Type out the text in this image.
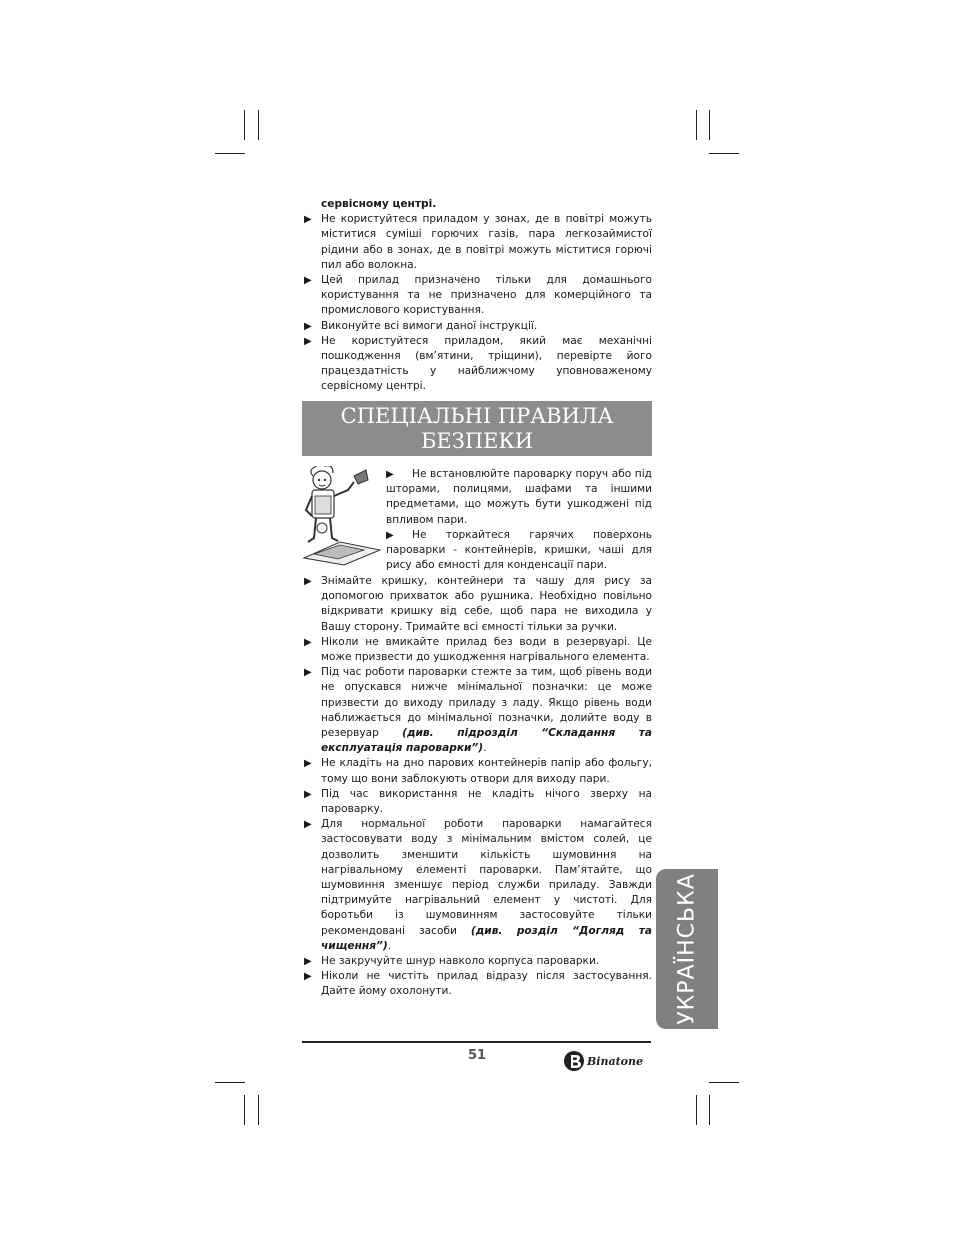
сервісному центрі.
▶ Не користуйтеся приладом у зонах, де в повітрі можуть міститися суміші горючих газів, пара легкозаймистої рідини або в зонах, де в повітрі можуть міститися горючі пил або волокна.
▶ Цей прилад призначено тільки для домашнього користування та не призначено для комерційного та промислового користування.
▶ Виконуйте всі вимоги даної інструкції.
▶ Не користуйтеся приладом, який має механічні пошкодження (вм’ятини, тріщини), перевірте його працездатність у найближчому уповноваженому сервісному центрі.
СПЕЦІАЛЬНІ ПРАВИЛА
БЕЗПЕКИ
▶ Не встановлюйте пароварку поруч або під шторами, полицями, шафами та іншими предметами, що можуть бути ушкоджені під впливом пари.
▶ Не торкайтеся гарячих поверхонь пароварки - контейнерів, кришки, чаші для рису або ємності для конденсації пари.
▶ Знімайте кришку, контейнери та чашу для рису за допомогою прихваток або рушника. Необхідно повільно відкривати кришку від себе, щоб пара не виходила у Вашу сторону. Тримайте всі ємності тільки за ручки.
▶ Ніколи не вмикайте прилад без води в резервуарі. Це може призвести до ушкодження нагрівального елемента.
▶ Під час роботи пароварки стежте за тим, щоб рівень води не опускався нижче мінімальної позначки: це може призвести до виходу приладу з ладу. Якщо рівень води наближається до мінімальної позначки, долийте воду в резервуар (див. підрозділ “Складання та експлуатація пароварки”).
▶ Не кладіть на дно парових контейнерів папір або фольгу, тому що вони заблокують отвори для виходу пари.
▶ Під час використання не кладіть нічого зверху на пароварку.
▶ Для нормальної роботи пароварки намагайтеся застосовувати воду з мінімальним вмістом солей, це дозволить зменшити кількість шумовиння на нагрівальному елементі пароварки. Пам’ятайте, що шумовиння зменшує період служби приладу. Завжди підтримуйте нагрівальний елемент у чистоті. Для боротьби із шумовинням застосовуйте тільки рекомендовані засоби (див. розділ “Догляд та чищення”).
▶ Не закручуйте шнур навколо корпуса пароварки.
▶ Ніколи не чистіть прилад відразу після застосування. Дайте йому охолонути.	УКРАЇНСЬКА
51	Binatone
